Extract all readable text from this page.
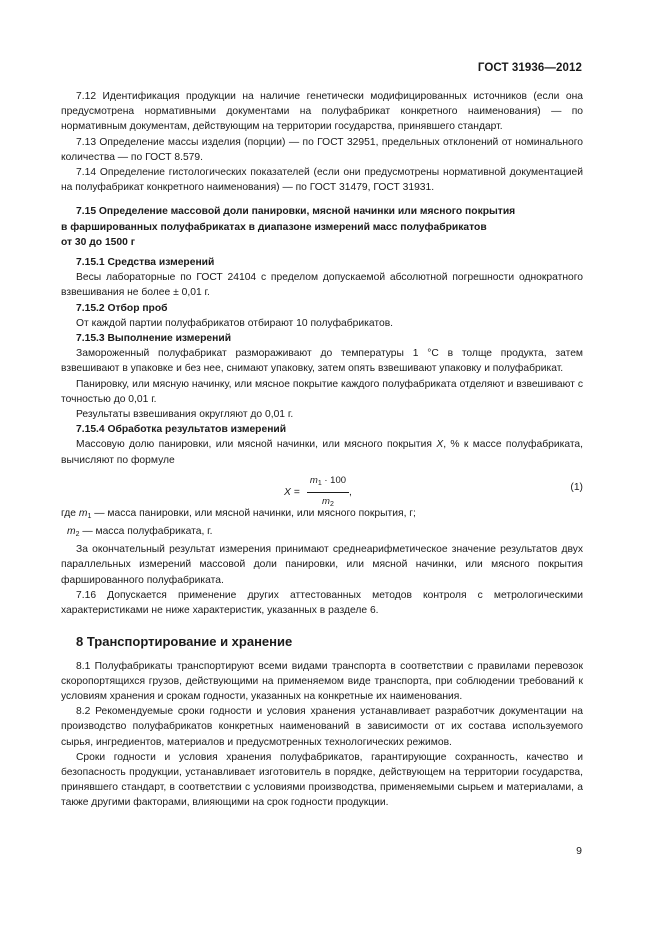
ГОСТ 31936—2012

7.12 Идентификация продукции на наличие генетически модифицированных источников (если она предусмотрена нормативными документами на полуфабрикат конкретного наименования) — по нормативным документам, действующим на территории государства, принявшего стандарт.

7.13 Определение массы изделия (порции) — по ГОСТ 32951, предельных отклонений от номинального количества — по ГОСТ 8.579.

7.14 Определение гистологических показателей (если они предусмотрены нормативной документацией на полуфабрикат конкретного наименования) — по ГОСТ 31479, ГОСТ 31931.

7.15 Определение массовой доли панировки, мясной начинки или мясного покрытия
в фаршированных полуфабрикатах в диапазоне измерений масс полуфабрикатов
от 30 до 1500 г
7.15.1 Средства измерений

Весы лабораторные по ГОСТ 24104 с пределом допускаемой абсолютной погрешности однократного взвешивания не более ± 0,01 г.

7.15.2 Отбор проб

От каждой партии полуфабрикатов отбирают 10 полуфабрикатов.

7.15.3 Выполнение измерений

Замороженный полуфабрикат размораживают до температуры 1 °С в толще продукта, затем взвешивают в упаковке и без нее, снимают упаковку, затем опять взвешивают упаковку и полуфабрикат.

Панировку, или мясную начинку, или мясное покрытие каждого полуфабриката отделяют и взвешивают с точностью до 0,01 г.

Результаты взвешивания округляют до 0,01 г.

7.15.4 Обработка результатов измерений

Массовую долю панировки, или мясной начинки, или мясного покрытия Х, % к массе полуфабриката, вычисляют по формуле

$Х = \frac{m_1 \cdot 100}{m_2}$ ,	(1)

где $m_1$ — масса панировки, или мясной начинки, или мясного покрытия, г;

$m_2$ — масса полуфабриката, г.

За окончательный результат измерения принимают среднеарифметическое значение результатов двух параллельных измерений массовой доли панировки, или мясной начинки, или мясного покрытия фаршированного полуфабриката.

7.16 Допускается применение других аттестованных методов контроля с метрологическими характеристиками не ниже характеристик, указанных в разделе 6.

8 Транспортирование и хранение

8.1 Полуфабрикаты транспортируют всеми видами транспорта в соответствии с правилами перевозок скоропортящихся грузов, действующими на применяемом виде транспорта, при соблюдении требований к условиям хранения и срокам годности, указанных на конкретные их наименования.

8.2 Рекомендуемые сроки годности и условия хранения устанавливает разработчик документации на производство полуфабрикатов конкретных наименований в зависимости от их состава используемого сырья, ингредиентов, материалов и предусмотренных технологических режимов.

Сроки годности и условия хранения полуфабрикатов, гарантирующие сохранность, качество и безопасность продукции, устанавливает изготовитель в порядке, действующем на территории государства, принявшего стандарт, в соответствии с условиями производства, применяемыми сырьем и материалами, а также другими факторами, влияющими на срок годности продукции.

9
